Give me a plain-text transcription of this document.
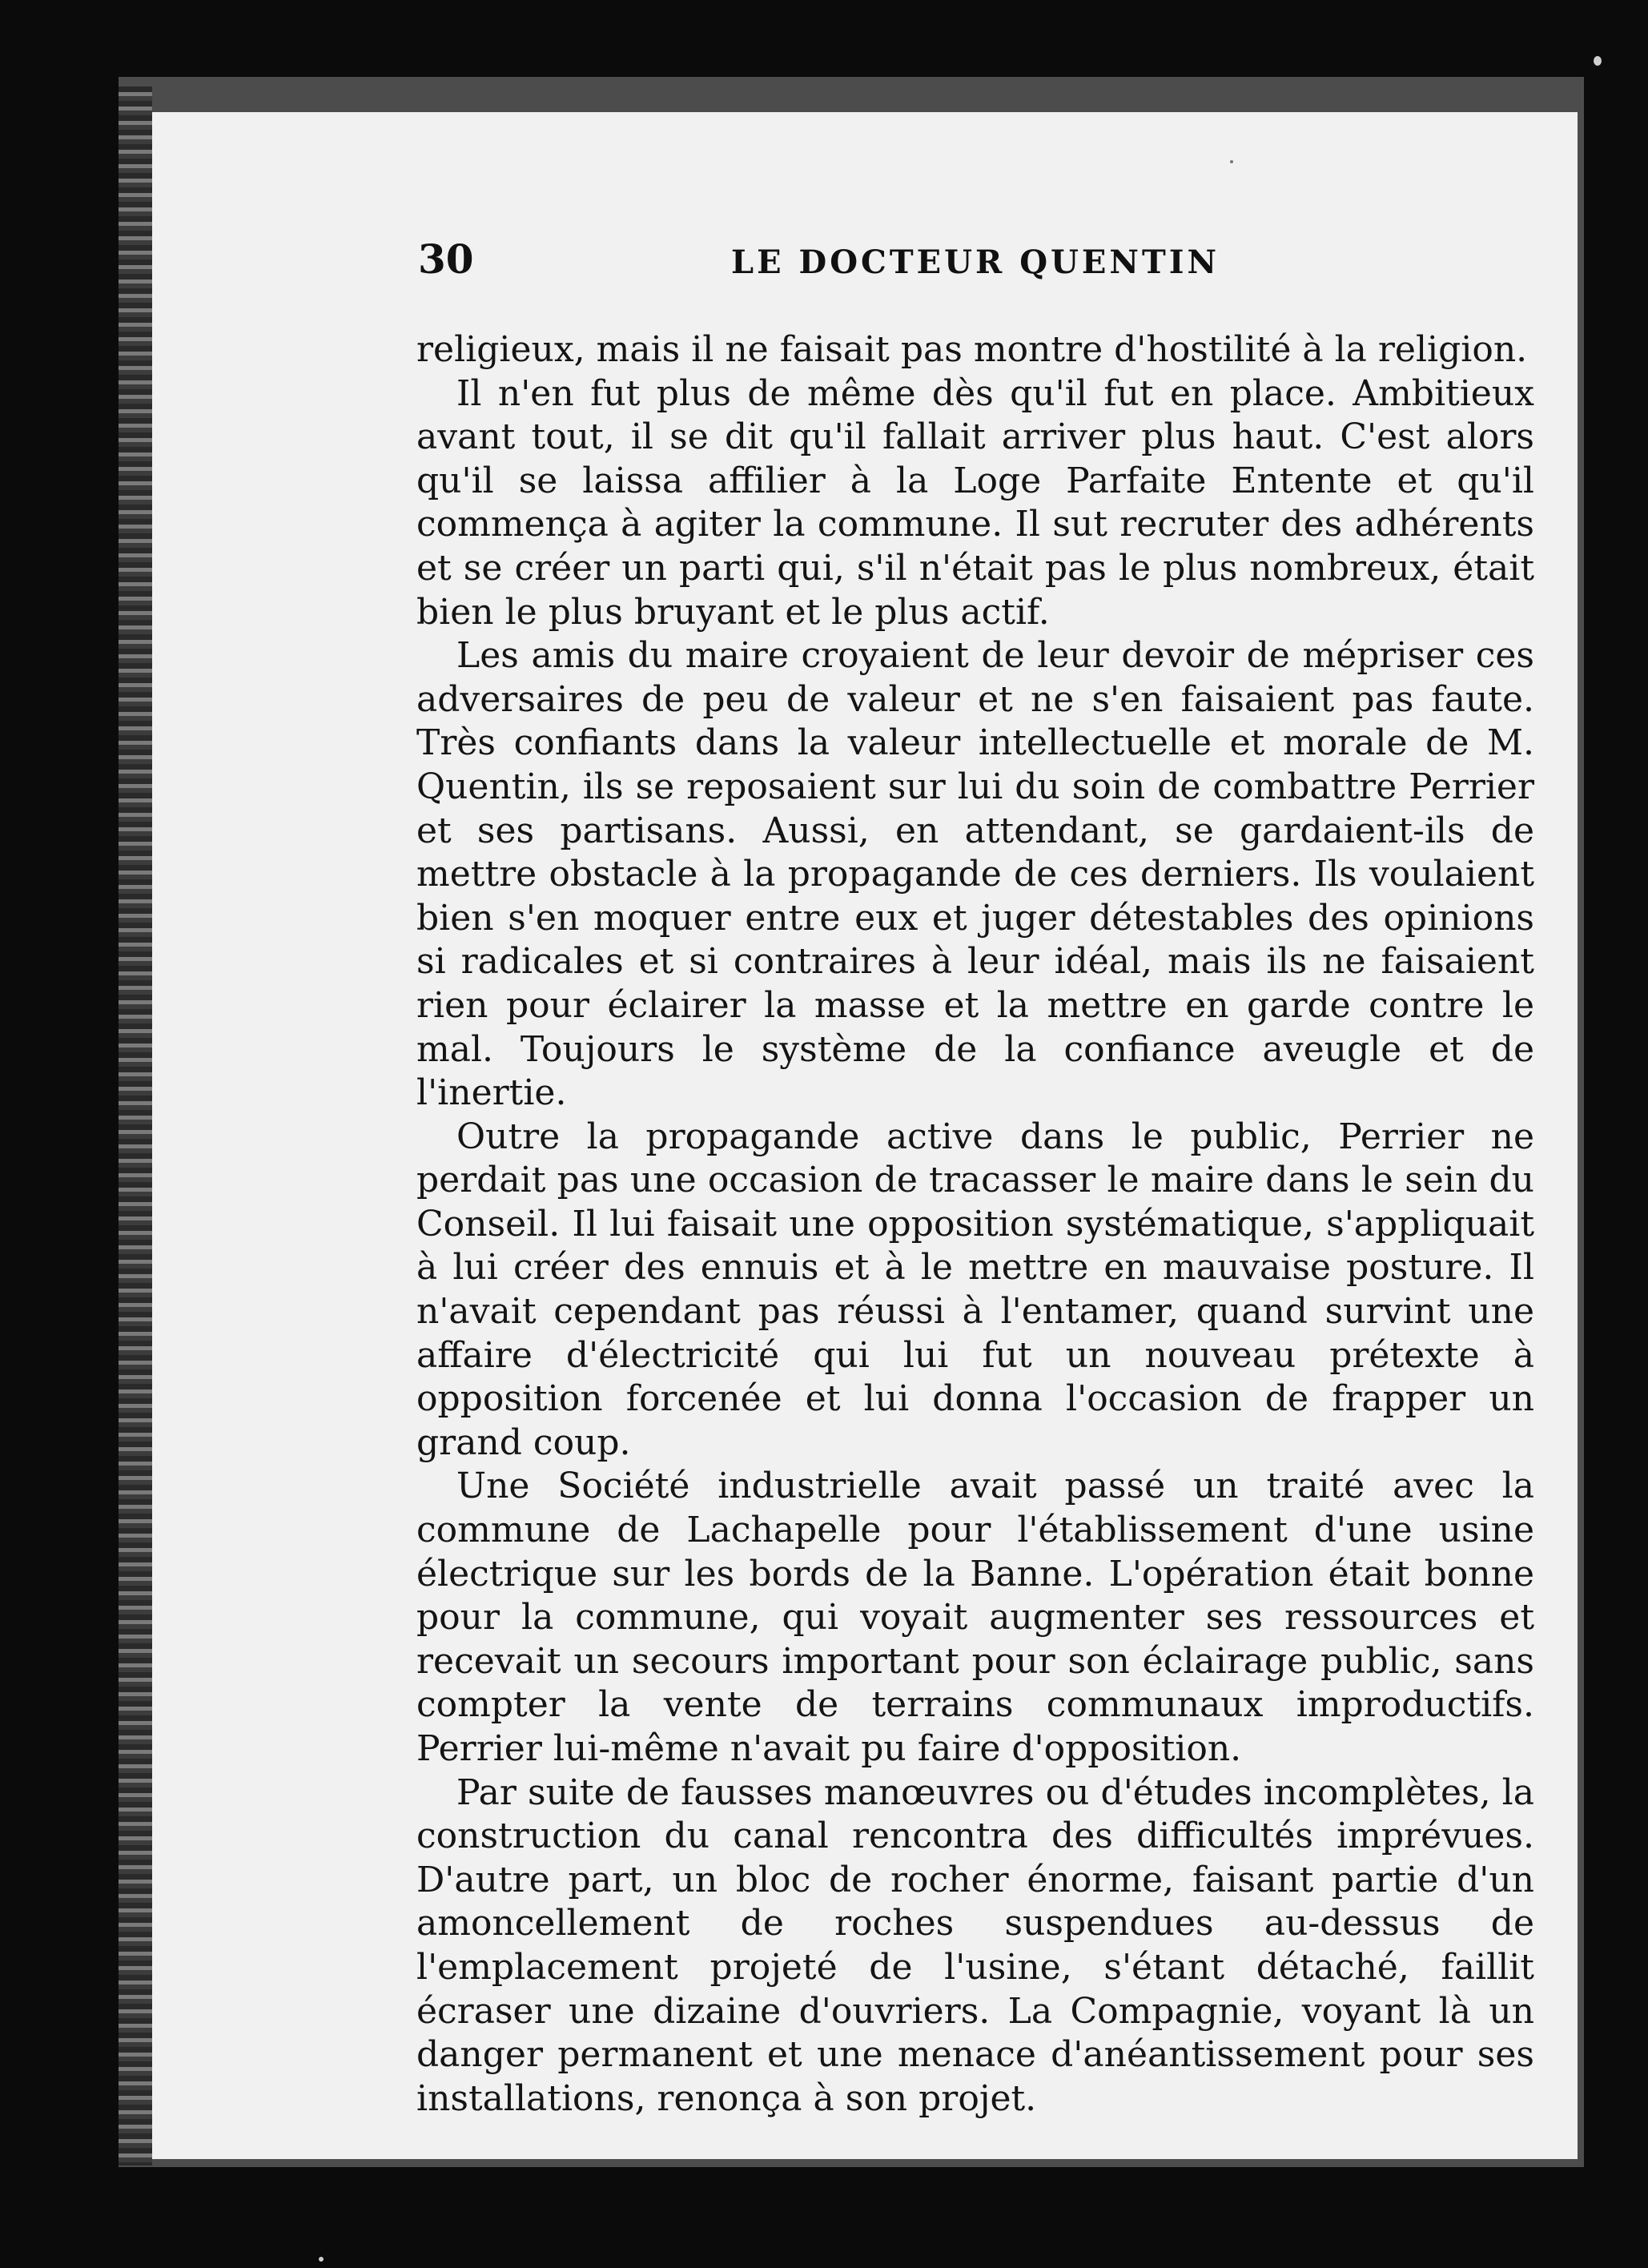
30	LE DOCTEUR QUENTIN

religieux, mais il ne faisait pas montre d'hostilité à la religion.

Il n'en fut plus de même dès qu'il fut en place. Ambitieux avant tout, il se dit qu'il fallait arriver plus haut. C'est alors qu'il se laissa affilier à la Loge Parfaite Entente et qu'il commença à agiter la commune. Il sut recruter des adhérents et se créer un parti qui, s'il n'était pas le plus nombreux, était bien le plus bruyant et le plus actif.

Les amis du maire croyaient de leur devoir de mépriser ces adversaires de peu de valeur et ne s'en faisaient pas faute. Très confiants dans la valeur intellectuelle et morale de M. Quentin, ils se reposaient sur lui du soin de combattre Perrier et ses partisans. Aussi, en attendant, se gardaient-ils de mettre obstacle à la propagande de ces derniers. Ils voulaient bien s'en moquer entre eux et juger détestables des opinions si radicales et si contraires à leur idéal, mais ils ne faisaient rien pour éclairer la masse et la mettre en garde contre le mal. Toujours le système de la confiance aveugle et de l'inertie.

Outre la propagande active dans le public, Perrier ne perdait pas une occasion de tracasser le maire dans le sein du Conseil. Il lui faisait une opposition systématique, s'appliquait à lui créer des ennuis et à le mettre en mauvaise posture. Il n'avait cependant pas réussi à l'entamer, quand survint une affaire d'électricité qui lui fut un nouveau prétexte à opposition forcenée et lui donna l'occasion de frapper un grand coup.

Une Société industrielle avait passé un traité avec la commune de Lachapelle pour l'établissement d'une usine électrique sur les bords de la Banne. L'opération était bonne pour la commune, qui voyait augmenter ses ressources et recevait un secours important pour son éclairage public, sans compter la vente de terrains communaux improductifs. Perrier lui-même n'avait pu faire d'opposition.

Par suite de fausses manœuvres ou d'études incomplètes, la construction du canal rencontra des difficultés imprévues. D'autre part, un bloc de rocher énorme, faisant partie d'un amoncellement de roches suspendues au-dessus de l'emplacement projeté de l'usine, s'étant détaché, faillit écraser une dizaine d'ouvriers. La Compagnie, voyant là un danger permanent et une menace d'anéantissement pour ses installations, renonça à son projet.
